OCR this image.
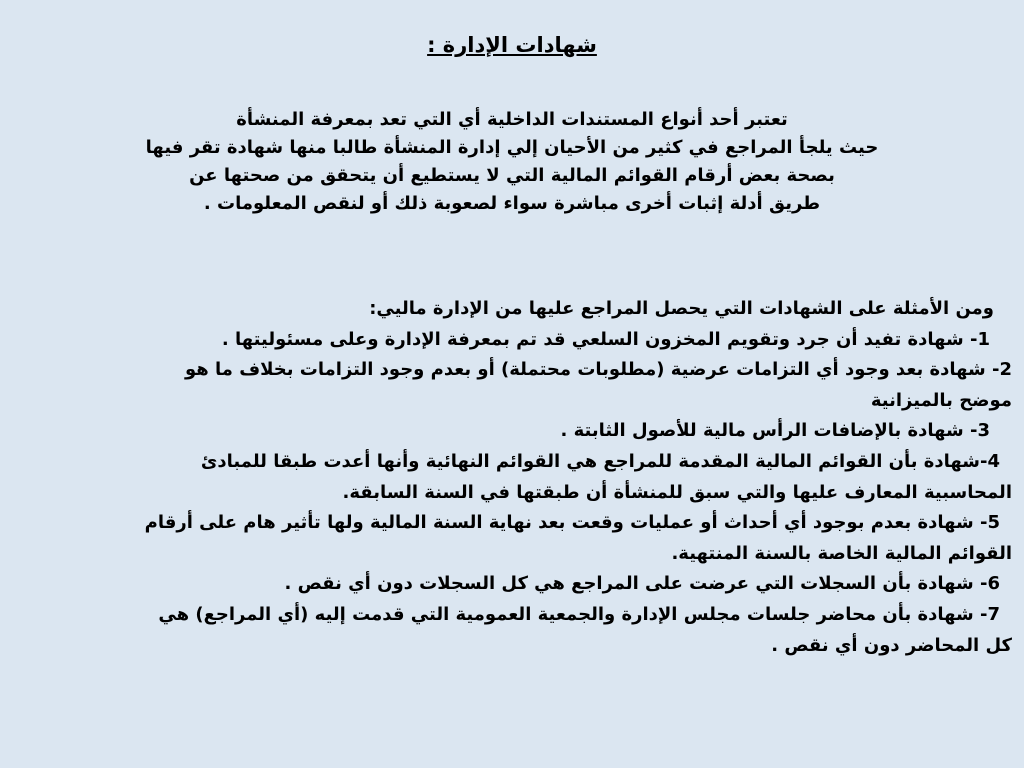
شهادات الإدارة :
تعتبر أحد أنواع المستندات الداخلية أي التي تعد بمعرفة المنشأة
حيث يلجأ المراجع في كثير من الأحيان إلي إدارة المنشأة طالبا منها شهادة تقر فيها
بصحة بعض أرقام القوائم المالية التي لا يستطيع أن يتحقق من صحتها عن
طريق أدلة إثبات أخرى مباشرة سواء لصعوبة ذلك أو لنقص المعلومات .
ومن الأمثلة على الشهادات التي يحصل المراجع عليها من الإدارة ماليي:
1- شهادة تفيد أن جرد وتقويم المخزون السلعي قد تم بمعرفة الإدارة وعلى مسئوليتها .
2- شهادة بعد وجود أي التزامات عرضية (مطلوبات محتملة) أو بعدم وجود التزامات بخلاف ما هو
موضح بالميزانية
3- شهادة بالإضافات الرأس مالية للأصول الثابتة .
4-شهادة بأن القوائم المالية المقدمة للمراجع هي القوائم النهائية وأنها أعدت طبقا للمبادئ
المحاسبية المعارف عليها والتي سبق للمنشأة أن طبقتها في السنة السابقة.
5- شهادة بعدم بوجود أي أحداث أو عمليات وقعت بعد نهاية السنة المالية ولها تأثير هام على أرقام
القوائم المالية الخاصة بالسنة المنتهية.
6- شهادة بأن السجلات التي عرضت على المراجع هي كل السجلات دون أي نقص .
7- شهادة بأن محاضر جلسات مجلس الإدارة والجمعية العمومية التي قدمت إليه (أي المراجع) هي
كل المحاضر دون أي نقص .
